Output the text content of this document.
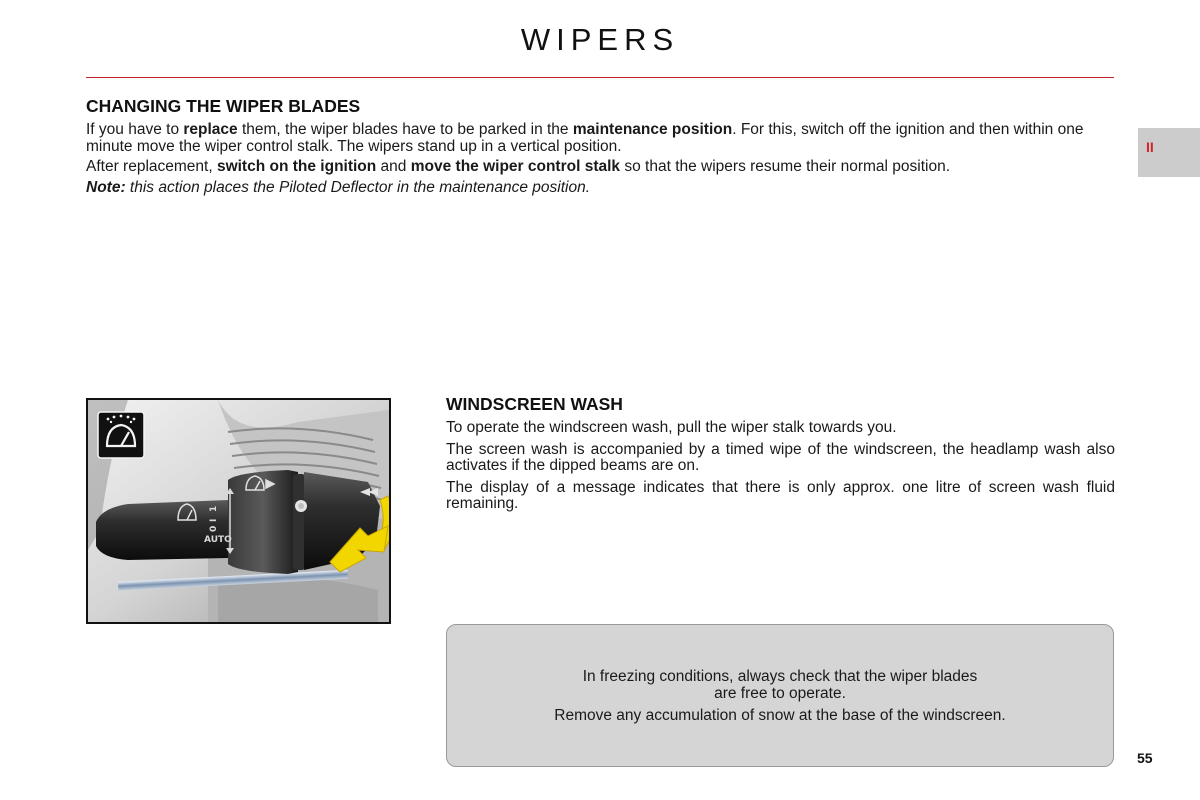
WIPERS
II
CHANGING THE WIPER BLADES

If you have to replace them, the wiper blades have to be parked in the maintenance position. For this, switch off the ignition and then within one minute move the wiper control stalk. The wipers stand up in a vertical position.

After replacement, switch on the ignition and move the wiper control stalk so that the wipers resume their normal position.

Note: this action places the Piloted Deflector in the maintenance position.

2
1
I
0
AUTO
WINDSCREEN WASH

To operate the windscreen wash, pull the wiper stalk towards you.

The screen wash is accompanied by a timed wipe of the windscreen, the headlamp wash also activates if the dipped beams are on.

The display of a message indicates that there is only approx. one litre of screen wash fluid remaining.

In freezing conditions, always check that the wiper blades

are free to operate.

Remove any accumulation of snow at the base of the windscreen.

55
